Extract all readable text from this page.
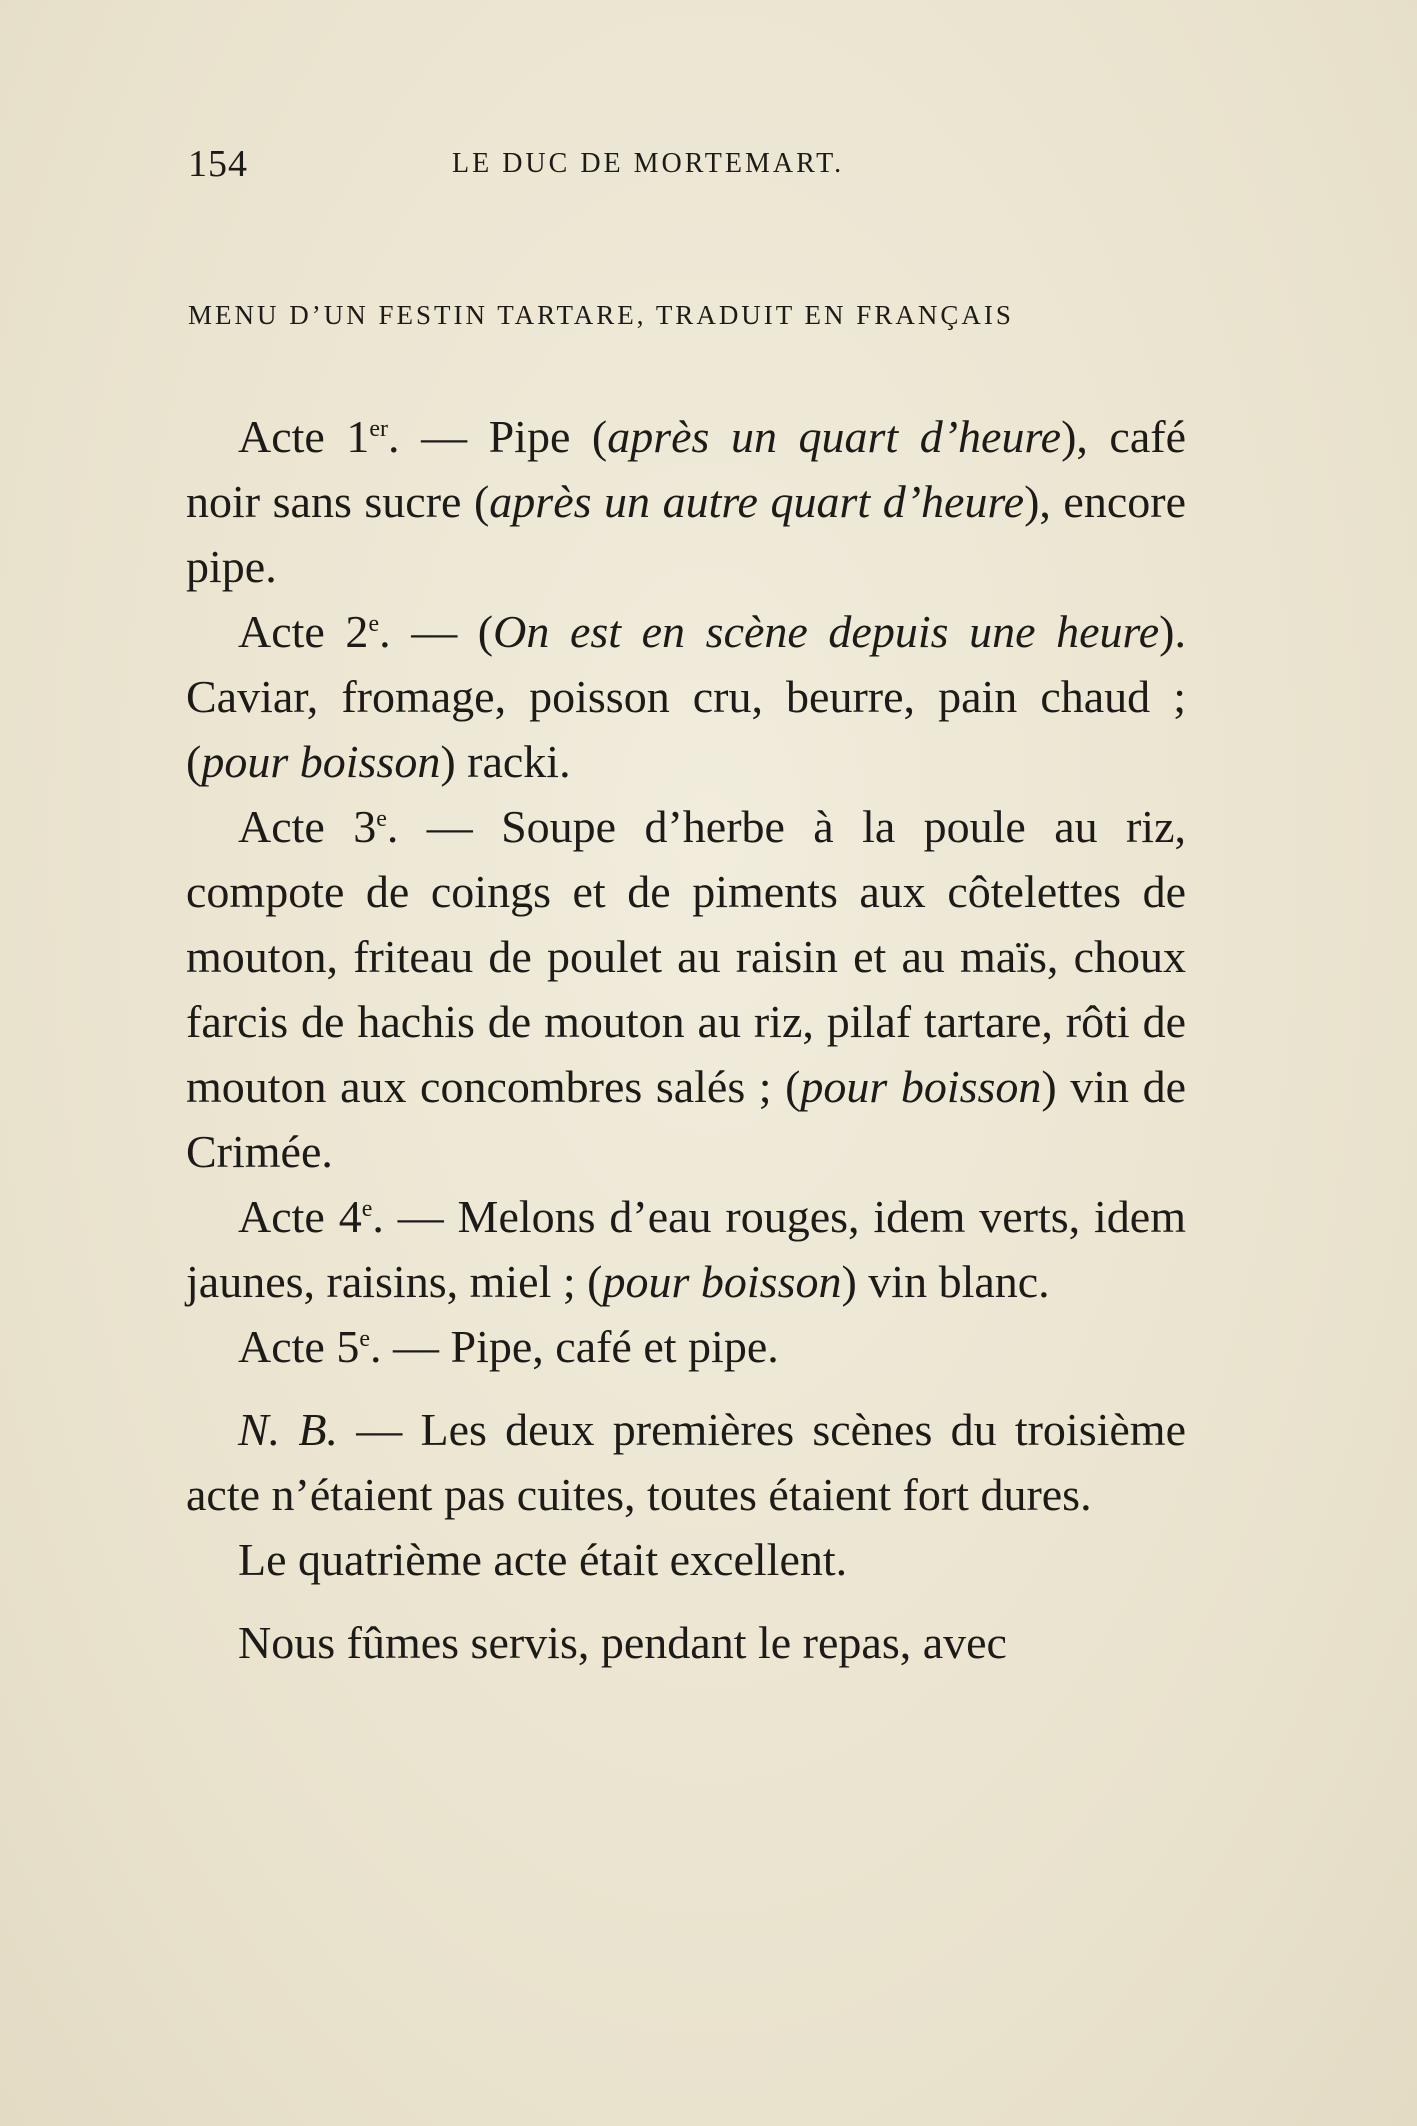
154	LE DUC DE MORTEMART.
MENU D’UN FESTIN TARTARE, TRADUIT EN FRANÇAIS

Acte 1er. — Pipe (après un quart d’heure), café noir sans sucre (après un autre quart d’heure), encore pipe.

Acte 2e. — (On est en scène depuis une heure). Caviar, fromage, poisson cru, beurre, pain chaud ; (pour boisson) racki.

Acte 3e. — Soupe d’herbe à la poule au riz, compote de coings et de piments aux côtelettes de mouton, friteau de poulet au raisin et au maïs, choux farcis de hachis de mouton au riz, pilaf tartare, rôti de mouton aux concombres salés ; (pour boisson) vin de Crimée.

Acte 4e. — Melons d’eau rouges, idem verts, idem jaunes, raisins, miel ; (pour boisson) vin blanc.

Acte 5e. — Pipe, café et pipe.

N. B. — Les deux premières scènes du troisième acte n’étaient pas cuites, toutes étaient fort dures.

Le quatrième acte était excellent.

Nous fûmes servis, pendant le repas, avec
